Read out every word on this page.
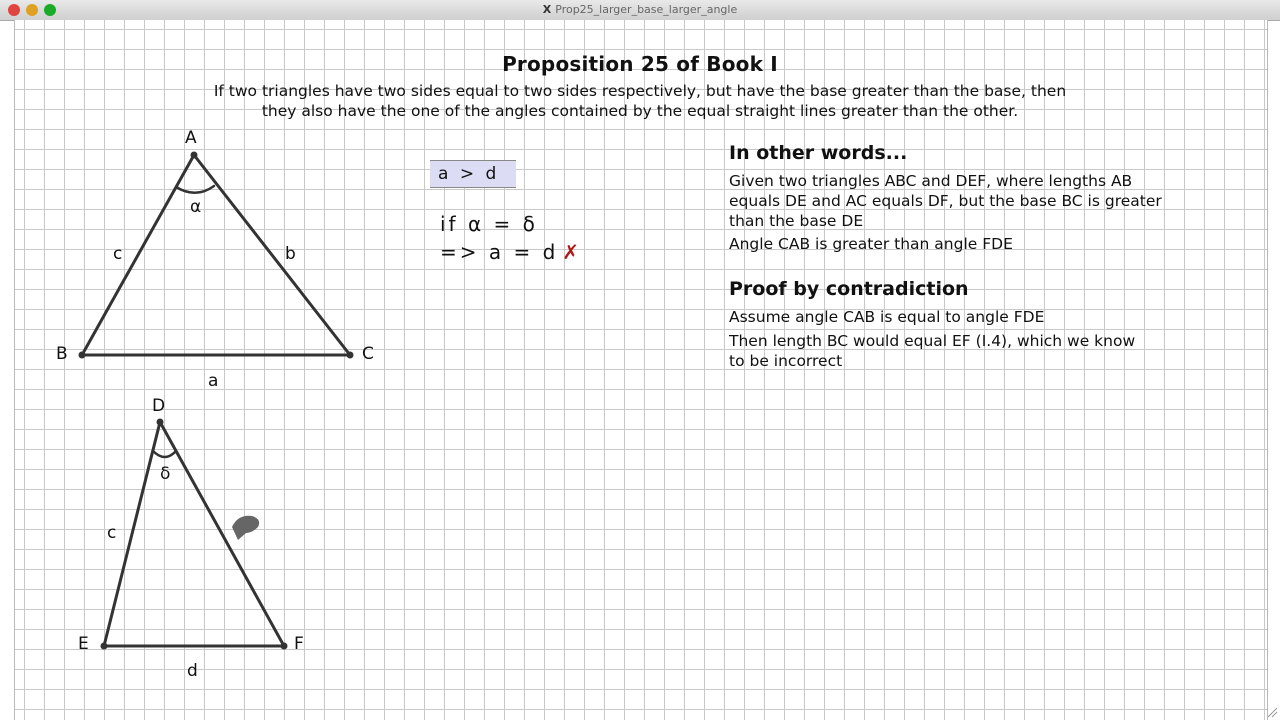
X Prop25_larger_base_larger_angle
Proposition 25 of Book I
If two triangles have two sides equal to two sides respectively, but have the base greater than the base, then
they also have the one of the angles contained by the equal straight lines greater than the other.
A
B	C
α
c	b
a
D
E	F
δ
c
d
a > d
if α = δ
=> a = d ✗
In other words...
Given two triangles ABC and DEF, where lengths AB
equals DE and AC equals DF, but the base BC is greater
than the base DE
Angle CAB is greater than angle FDE
Proof by contradiction
Assume angle CAB is equal to angle FDE
Then length BC would equal EF (I.4), which we know
to be incorrect
